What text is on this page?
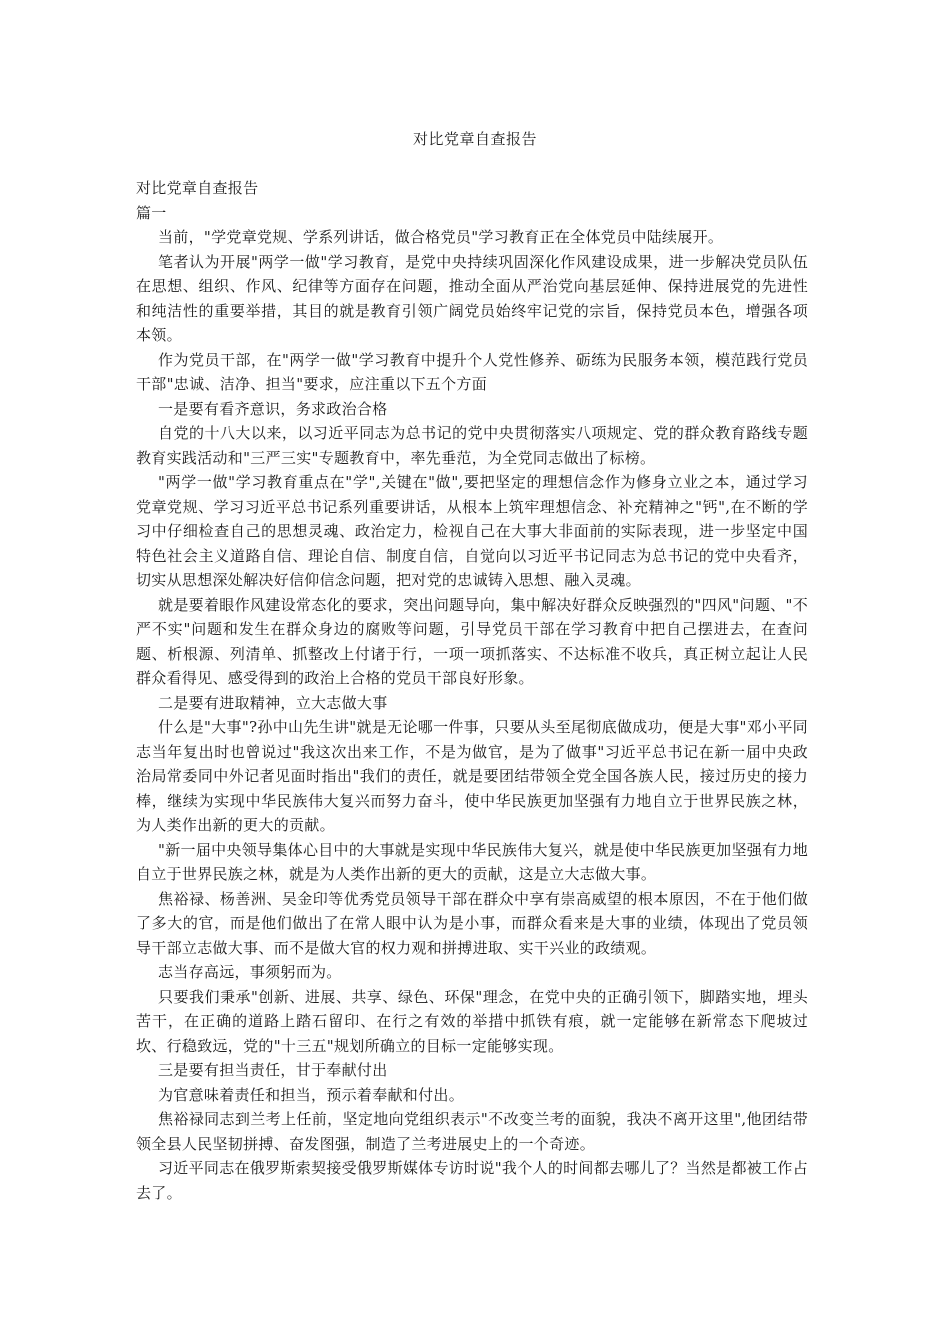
对比党章自查报告

对比党章自查报告

篇一

当前，"学党章党规、学系列讲话，做合格党员"学习教育正在全体党员中陆续展开。

笔者认为开展"两学一做"学习教育，是党中央持续巩固深化作风建设成果，进一步解决党员队伍在思想、组织、作风、纪律等方面存在问题，推动全面从严治党向基层延伸、保持进展党的先进性和纯洁性的重要举措，其目的就是教育引领广阔党员始终牢记党的宗旨，保持党员本色，增强各项本领。

作为党员干部，在"两学一做"学习教育中提升个人党性修养、砺练为民服务本领，模范践行党员干部"忠诚、洁净、担当"要求，应注重以下五个方面

一是要有看齐意识，务求政治合格

自党的十八大以来，以习近平同志为总书记的党中央贯彻落实八项规定、党的群众教育路线专题教育实践活动和"三严三实"专题教育中，率先垂范，为全党同志做出了标榜。

"两学一做"学习教育重点在"学",关键在"做",要把坚定的理想信念作为修身立业之本，通过学习党章党规、学习习近平总书记系列重要讲话，从根本上筑牢理想信念、补充精神之"钙",在不断的学习中仔细检查自己的思想灵魂、政治定力，检视自己在大事大非面前的实际表现，进一步坚定中国特色社会主义道路自信、理论自信、制度自信，自觉向以习近平书记同志为总书记的党中央看齐，切实从思想深处解决好信仰信念问题，把对党的忠诚铸入思想、融入灵魂。

就是要着眼作风建设常态化的要求，突出问题导向，集中解决好群众反映强烈的"四风"问题、"不严不实"问题和发生在群众身边的腐败等问题，引导党员干部在学习教育中把自己摆进去，在查问题、析根源、列清单、抓整改上付诸于行，一项一项抓落实、不达标准不收兵，真正树立起让人民群众看得见、感受得到的政治上合格的党员干部良好形象。

二是要有进取精神，立大志做大事

什么是"大事"?孙中山先生讲"就是无论哪一件事，只要从头至尾彻底做成功，便是大事"邓小平同志当年复出时也曾说过"我这次出来工作，不是为做官，是为了做事"习近平总书记在新一届中央政治局常委同中外记者见面时指出"我们的责任，就是要团结带领全党全国各族人民，接过历史的接力棒，继续为实现中华民族伟大复兴而努力奋斗，使中华民族更加坚强有力地自立于世界民族之林，为人类作出新的更大的贡献。

"新一届中央领导集体心目中的大事就是实现中华民族伟大复兴，就是使中华民族更加坚强有力地自立于世界民族之林，就是为人类作出新的更大的贡献，这是立大志做大事。

焦裕禄、杨善洲、吴金印等优秀党员领导干部在群众中享有崇高威望的根本原因，不在于他们做了多大的官，而是他们做出了在常人眼中认为是小事，而群众看来是大事的业绩，体现出了党员领导干部立志做大事、而不是做大官的权力观和拼搏进取、实干兴业的政绩观。

志当存高远，事须躬而为。

只要我们秉承"创新、进展、共享、绿色、环保"理念，在党中央的正确引领下，脚踏实地，埋头苦干，在正确的道路上踏石留印、在行之有效的举措中抓铁有痕，就一定能够在新常态下爬坡过坎、行稳致远，党的"十三五"规划所确立的目标一定能够实现。

三是要有担当责任，甘于奉献付出

为官意味着责任和担当，预示着奉献和付出。

焦裕禄同志到兰考上任前，坚定地向党组织表示"不改变兰考的面貌，我决不离开这里",他团结带领全县人民坚韧拼搏、奋发图强，制造了兰考进展史上的一个奇迹。

习近平同志在俄罗斯索契接受俄罗斯媒体专访时说"我个人的时间都去哪儿了？当然是都被工作占去了。
